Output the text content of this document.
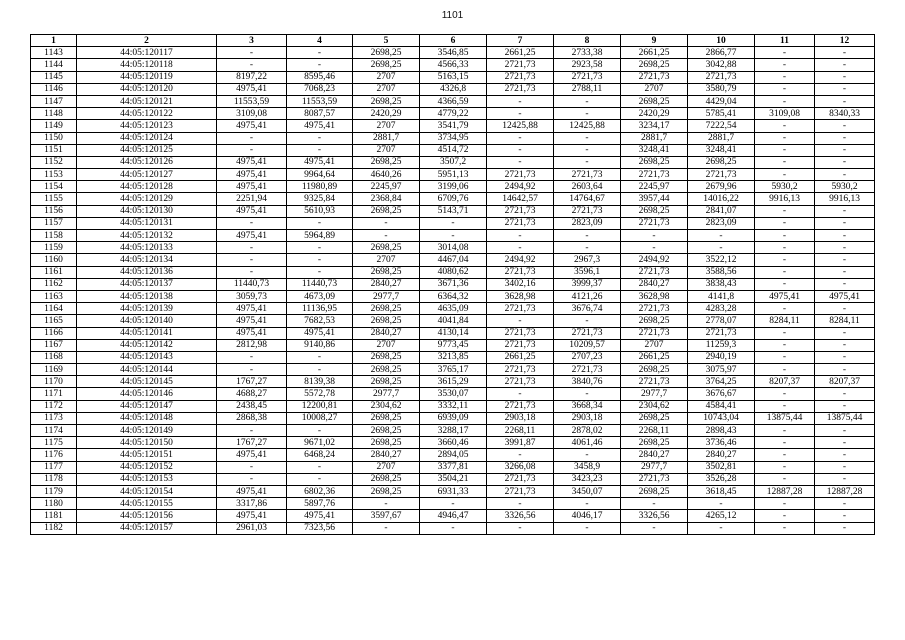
1101
1	2	3	4	5	6	7	8	9	10	11	12
1143	44:05:120117	-	-	2698,25	3546,85	2661,25	2733,38	2661,25	2866,77	-	-
1144	44:05:120118	-	-	2698,25	4566,33	2721,73	2923,58	2698,25	3042,88	-	-
1145	44:05:120119	8197,22	8595,46	2707	5163,15	2721,73	2721,73	2721,73	2721,73	-	-
1146	44:05:120120	4975,41	7068,23	2707	4326,8	2721,73	2788,11	2707	3580,79	-	-
1147	44:05:120121	11553,59	11553,59	2698,25	4366,59	-	-	2698,25	4429,04	-	-
1148	44:05:120122	3109,08	8087,57	2420,29	4779,22	-	-	2420,29	5785,41	3109,08	8340,33
1149	44:05:120123	4975,41	4975,41	2707	3541,79	12425,88	12425,88	3234,17	7222,54	-	-
1150	44:05:120124	-	-	2881,7	3734,95	-	-	2881,7	2881,7	-	-
1151	44:05:120125	-	-	2707	4514,72	-	-	3248,41	3248,41	-	-
1152	44:05:120126	4975,41	4975,41	2698,25	3507,2	-	-	2698,25	2698,25	-	-
1153	44:05:120127	4975,41	9964,64	4640,26	5951,13	2721,73	2721,73	2721,73	2721,73	-	-
1154	44:05:120128	4975,41	11980,89	2245,97	3199,06	2494,92	2603,64	2245,97	2679,96	5930,2	5930,2
1155	44:05:120129	2251,94	9325,84	2368,84	6709,76	14642,57	14764,67	3957,44	14016,22	9916,13	9916,13
1156	44:05:120130	4975,41	5610,93	2698,25	5143,71	2721,73	2721,73	2698,25	2841,07	-	-
1157	44:05:120131	-	-	-	-	2721,73	2823,09	2721,73	2823,09	-	-
1158	44:05:120132	4975,41	5964,89	-	-	-	-	-	-	-	-
1159	44:05:120133	-	-	2698,25	3014,08	-	-	-	-	-	-
1160	44:05:120134	-	-	2707	4467,04	2494,92	2967,3	2494,92	3522,12	-	-
1161	44:05:120136	-	-	2698,25	4080,62	2721,73	3596,1	2721,73	3588,56	-	-
1162	44:05:120137	11440,73	11440,73	2840,27	3671,36	3402,16	3999,37	2840,27	3838,43	-	-
1163	44:05:120138	3059,73	4673,09	2977,7	6364,32	3628,98	4121,26	3628,98	4141,8	4975,41	4975,41
1164	44:05:120139	4975,41	11136,95	2698,25	4635,09	2721,73	3676,74	2721,73	4283,28	-	-
1165	44:05:120140	4975,41	7682,53	2698,25	4041,84	-	-	2698,25	2778,07	8284,11	8284,11
1166	44:05:120141	4975,41	4975,41	2840,27	4130,14	2721,73	2721,73	2721,73	2721,73	-	-
1167	44:05:120142	2812,98	9140,86	2707	9773,45	2721,73	10209,57	2707	11259,3	-	-
1168	44:05:120143	-	-	2698,25	3213,85	2661,25	2707,23	2661,25	2940,19	-	-
1169	44:05:120144	-	-	2698,25	3765,17	2721,73	2721,73	2698,25	3075,97	-	-
1170	44:05:120145	1767,27	8139,38	2698,25	3615,29	2721,73	3840,76	2721,73	3764,25	8207,37	8207,37
1171	44:05:120146	4688,27	5572,78	2977,7	3530,07	-	-	2977,7	3676,67	-	-
1172	44:05:120147	2438,45	12200,81	2304,62	3332,11	2721,73	3668,34	2304,62	4584,41	-	-
1173	44:05:120148	2868,38	10008,27	2698,25	6939,09	2903,18	2903,18	2698,25	10743,04	13875,44	13875,44
1174	44:05:120149	-	-	2698,25	3288,17	2268,11	2878,02	2268,11	2898,43	-	-
1175	44:05:120150	1767,27	9671,02	2698,25	3660,46	3991,87	4061,46	2698,25	3736,46	-	-
1176	44:05:120151	4975,41	6468,24	2840,27	2894,05	-	-	2840,27	2840,27	-	-
1177	44:05:120152	-	-	2707	3377,81	3266,08	3458,9	2977,7	3502,81	-	-
1178	44:05:120153	-	-	2698,25	3504,21	2721,73	3423,23	2721,73	3526,28	-	-
1179	44:05:120154	4975,41	6802,36	2698,25	6931,33	2721,73	3450,07	2698,25	3618,45	12887,28	12887,28
1180	44:05:120155	3317,86	5897,76	-	-	-	-	-	-	-	-
1181	44:05:120156	4975,41	4975,41	3597,67	4946,47	3326,56	4046,17	3326,56	4265,12	-	-
1182	44:05:120157	2961,03	7323,56	-	-	-	-	-	-	-	-
